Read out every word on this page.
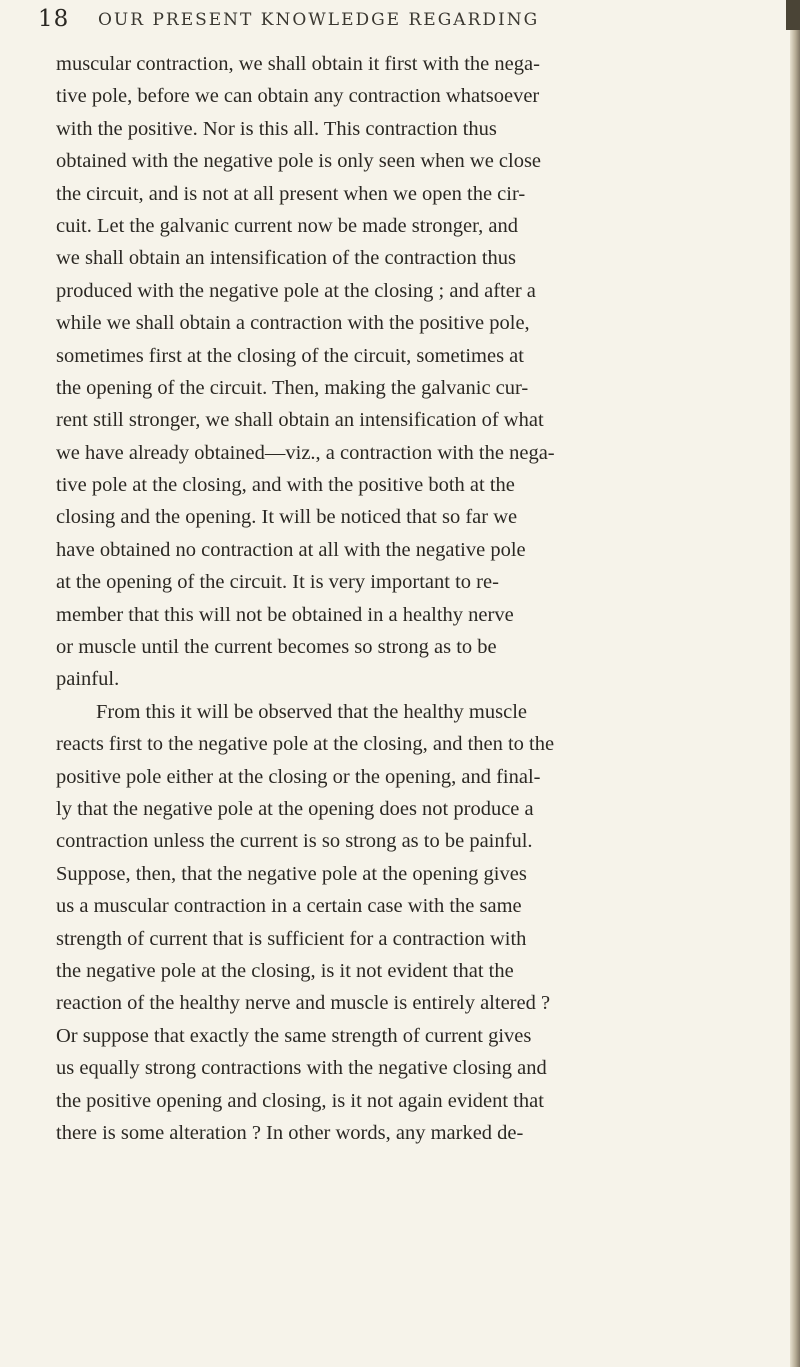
18 OUR PRESENT KNOWLEDGE REGARDING
muscular contraction, we shall obtain it first with the nega-
tive pole, before we can obtain any contraction whatsoever
with the positive. Nor is this all. This contraction thus
obtained with the negative pole is only seen when we close
the circuit, and is not at all present when we open the cir-
cuit. Let the galvanic current now be made stronger, and
we shall obtain an intensification of the contraction thus
produced with the negative pole at the closing ; and after a
while we shall obtain a contraction with the positive pole,
sometimes first at the closing of the circuit, sometimes at
the opening of the circuit. Then, making the galvanic cur-
rent still stronger, we shall obtain an intensification of what
we have already obtained—viz., a contraction with the nega-
tive pole at the closing, and with the positive both at the
closing and the opening. It will be noticed that so far we
have obtained no contraction at all with the negative pole
at the opening of the circuit. It is very important to re-
member that this will not be obtained in a healthy nerve
or muscle until the current becomes so strong as to be
painful.
From this it will be observed that the healthy muscle
reacts first to the negative pole at the closing, and then to the
positive pole either at the closing or the opening, and final-
ly that the negative pole at the opening does not produce a
contraction unless the current is so strong as to be painful.
Suppose, then, that the negative pole at the opening gives
us a muscular contraction in a certain case with the same
strength of current that is sufficient for a contraction with
the negative pole at the closing, is it not evident that the
reaction of the healthy nerve and muscle is entirely altered ?
Or suppose that exactly the same strength of current gives
us equally strong contractions with the negative closing and
the positive opening and closing, is it not again evident that
there is some alteration ? In other words, any marked de-
